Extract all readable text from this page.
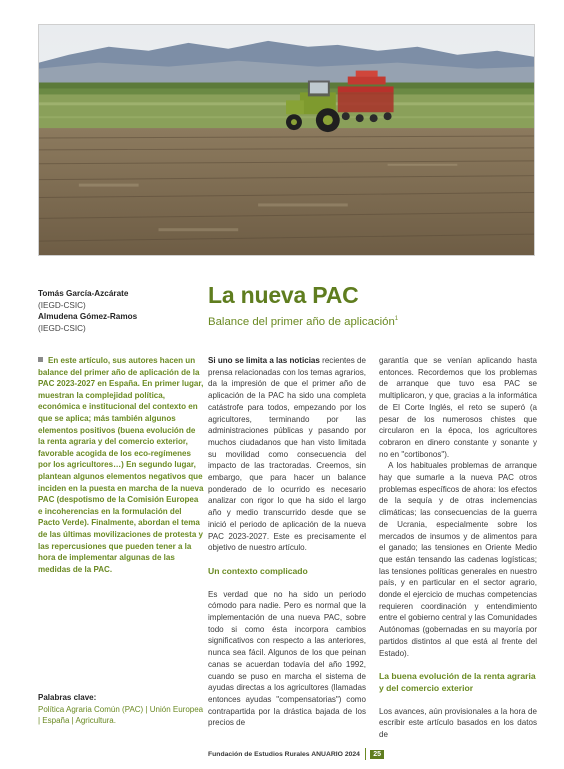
Tomás García-Azcárate
(IEGD-CSIC)
Almudena Gómez-Ramos
(IEGD-CSIC)
La nueva PAC
Balance del primer año de aplicación$^1$
En este artículo, sus autores hacen un balance del primer año de aplicación de la PAC 2023-2027 en España. En primer lugar, muestran la complejidad política, económica e institucional del contexto en que se aplica; más también algunos elementos positivos (buena evolución de la renta agraria y del comercio exterior, favorable acogida de los eco-regímenes por los agricultores…) En segundo lugar, plantean algunos elementos negativos que inciden en la puesta en marcha de la nueva PAC (despotismo de la Comisión Europea e incoherencias en la formulación del Pacto Verde). Finalmente, abordan el tema de las últimas movilizaciones de protesta y las repercusiones que pueden tener a la hora de implementar algunas de las medidas de la PAC.
Palabras clave:
Política Agraria Común (PAC) | Unión Europea | España | Agricultura.

Si uno se limita a las noticias recientes de prensa relacionadas con los temas agrarios, da la impresión de que el primer año de aplicación de la PAC ha sido una completa catástrofe para todos, empezando por los agricultores, terminando por las administraciones públicas y pasando por muchos ciudadanos que han visto limitada su movilidad como consecuencia del impacto de las tractoradas. Creemos, sin embargo, que para hacer un balance ponderado de lo ocurrido es necesario analizar con rigor lo que ha sido el largo año y medio transcurrido desde que se inició el periodo de aplicación de la nueva PAC 2023-2027. Este es precisamente el objetivo de nuestro artículo.

Un contexto complicado

Es verdad que no ha sido un periodo cómodo para nadie. Pero es normal que la implementación de una nueva PAC, sobre todo si como ésta incorpora cambios significativos con respecto a las anteriores, nunca sea fácil. Algunos de los que peinan canas se acuerdan todavía del año 1992, cuando se puso en marcha el sistema de ayudas directas a los agricultores (llamadas entonces ayudas "compensatorias") como contrapartida por la drástica bajada de los precios de

garantía que se venían aplicando hasta entonces. Recordemos que los problemas de arranque que tuvo esa PAC se multiplicaron, y que, gracias a la informática de El Corte Inglés, el reto se superó (a pesar de los numerosos chistes que circularon en la época, los agricultores cobraron en dinero constante y sonante y no en "cortibonos").

A los habituales problemas de arranque hay que sumarle a la nueva PAC otros problemas específicos de ahora: los efectos de la sequía y de otras inclemencias climáticas; las consecuencias de la guerra de Ucrania, especialmente sobre los mercados de insumos y de alimentos para el ganado; las tensiones en Oriente Medio que están tensando las cadenas logísticas; las tensiones políticas generales en nuestro país, y en particular en el sector agrario, donde el ejercicio de muchas competencias requieren coordinación y entendimiento entre el gobierno central y las Comunidades Autónomas (gobernadas en su mayoría por partidos distintos al que está al frente del Estado).

La buena evolución de la renta agraria y del comercio exterior

Los avances, aún provisionales a la hora de escribir este artículo basados en los datos de

Fundación de Estudios Rurales ANUARIO 2024	25
